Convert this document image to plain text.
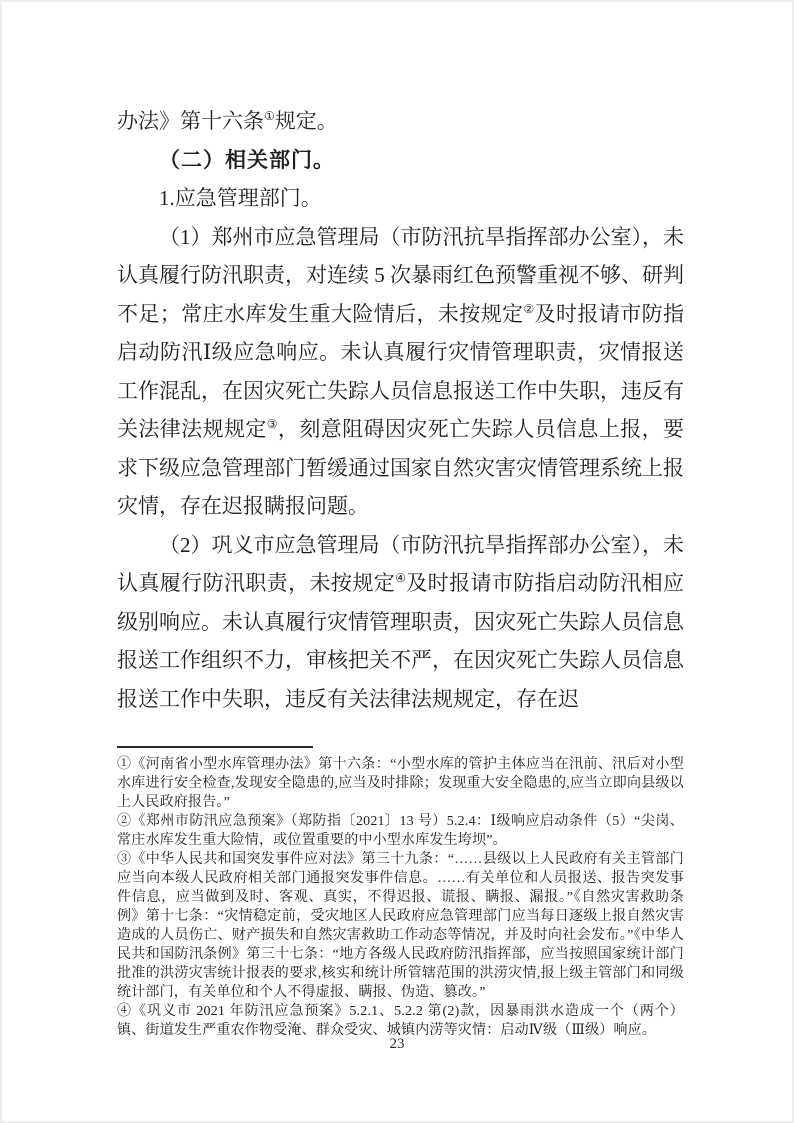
办法》第十六条①规定。

（二）相关部门。

1.应急管理部门。

（1）郑州市应急管理局（市防汛抗旱指挥部办公室），未认真履行防汛职责，对连续 5 次暴雨红色预警重视不够、研判不足；常庄水库发生重大险情后，未按规定②及时报请市防指启动防汛Ⅰ级应急响应。未认真履行灾情管理职责，灾情报送工作混乱，在因灾死亡失踪人员信息报送工作中失职，违反有关法律法规规定③，刻意阻碍因灾死亡失踪人员信息上报，要求下级应急管理部门暂缓通过国家自然灾害灾情管理系统上报灾情，存在迟报瞒报问题。

（2）巩义市应急管理局（市防汛抗旱指挥部办公室），未认真履行防汛职责，未按规定④及时报请市防指启动防汛相应级别响应。未认真履行灾情管理职责，因灾死亡失踪人员信息报送工作组织不力，审核把关不严，在因灾死亡失踪人员信息报送工作中失职，违反有关法律法规规定，存在迟

①《河南省小型水库管理办法》第十六条：“小型水库的管护主体应当在汛前、汛后对小型水库进行安全检查,发现安全隐患的,应当及时排除；发现重大安全隐患的,应当立即向县级以上人民政府报告。”
②《郑州市防汛应急预案》（郑防指〔2021〕13 号）5.2.4：Ⅰ级响应启动条件（5）“尖岗、常庄水库发生重大险情，或位置重要的中小型水库发生垮坝”。
③《中华人民共和国突发事件应对法》第三十九条：“……县级以上人民政府有关主管部门应当向本级人民政府相关部门通报突发事件信息。……有关单位和人员报送、报告突发事件信息，应当做到及时、客观、真实，不得迟报、谎报、瞒报、漏报。”《自然灾害救助条例》第十七条：“灾情稳定前，受灾地区人民政府应急管理部门应当每日逐级上报自然灾害造成的人员伤亡、财产损失和自然灾害救助工作动态等情况，并及时向社会发布。”《中华人民共和国防汛条例》第三十七条：“地方各级人民政府防汛指挥部，应当按照国家统计部门批准的洪涝灾害统计报表的要求,核实和统计所管辖范围的洪涝灾情,报上级主管部门和同级统计部门，有关单位和个人不得虚报、瞒报、伪造、篡改。”
④《巩义市 2021 年防汛应急预案》5.2.1、5.2.2 第(2)款，因暴雨洪水造成一个（两个）镇、街道发生严重农作物受淹、群众受灾、城镇内涝等灾情：启动Ⅳ级（Ⅲ级）响应。
23
